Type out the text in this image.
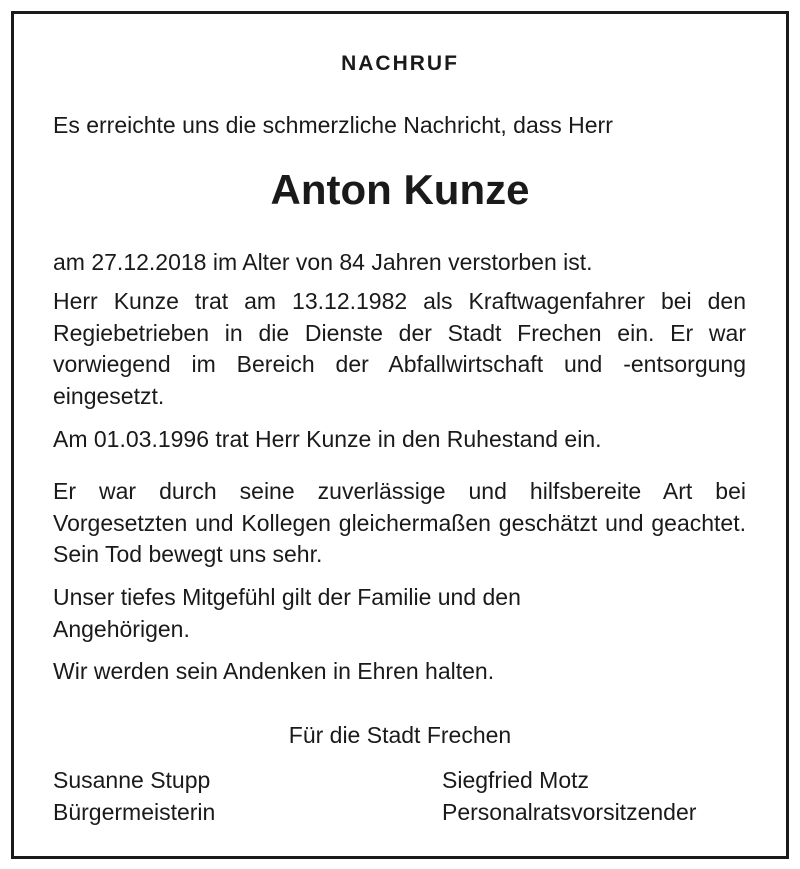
NACHRUF
Es erreichte uns die schmerzliche Nachricht, dass Herr
Anton Kunze

am 27.12.2018 im Alter von 84 Jahren verstorben ist.

Herr Kunze trat am 13.12.1982 als Kraftwagenfahrer bei den Regiebetrieben in die Dienste der Stadt Frechen ein. Er war vorwiegend im Bereich der Abfallwirtschaft und -entsorgung eingesetzt.

Am 01.03.1996 trat Herr Kunze in den Ruhestand ein.

Er war durch seine zuverlässige und hilfsbereite Art bei Vorgesetzten und Kollegen gleichermaßen geschätzt und geachtet. Sein Tod bewegt uns sehr.

Unser tiefes Mitgefühl gilt der Familie und den Angehörigen.

Wir werden sein Andenken in Ehren halten.

Für die Stadt Frechen
Susanne Stupp
Bürgermeisterin
Siegfried Motz
Personalratsvorsitzender
